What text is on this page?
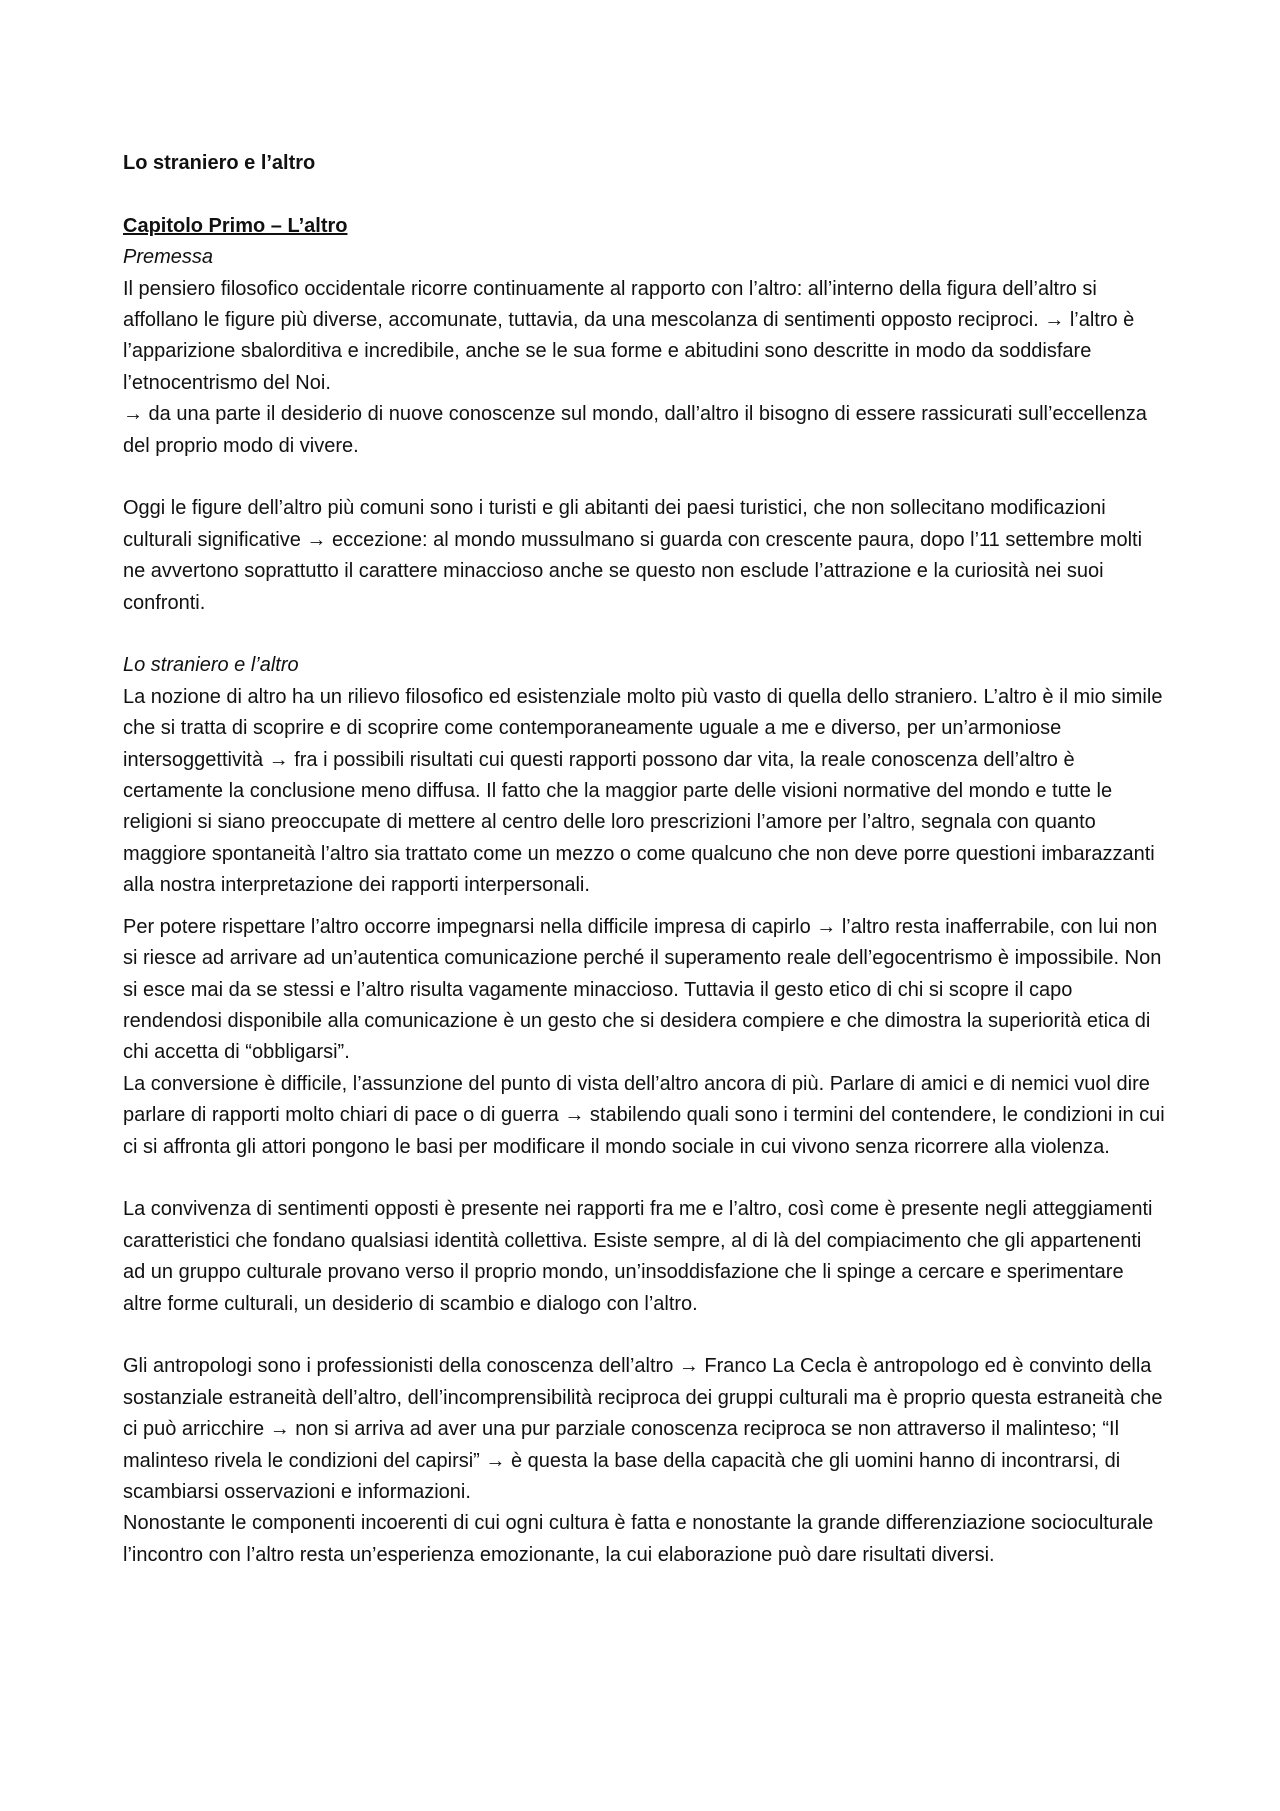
Lo straniero e l’altro

Capitolo Primo – L’altro

Premessa

Il pensiero filosofico occidentale ricorre continuamente al rapporto con l’altro: all’interno della figura dell’altro si affollano le figure più diverse, accomunate, tuttavia, da una mescolanza di sentimenti opposto reciproci. → l’altro è l’apparizione sbalorditiva e incredibile, anche se le sua forme e abitudini sono descritte in modo da soddisfare l’etnocentrismo del Noi.

→ da una parte il desiderio di nuove conoscenze sul mondo, dall’altro il bisogno di essere rassicurati sull’eccellenza del proprio modo di vivere.

Oggi le figure dell’altro più comuni sono i turisti e gli abitanti dei paesi turistici, che non sollecitano modificazioni culturali significative → eccezione: al mondo mussulmano si guarda con crescente paura, dopo l’11 settembre molti ne avvertono soprattutto il carattere minaccioso anche se questo non esclude l’attrazione e la curiosità nei suoi confronti.

Lo straniero e l’altro

La nozione di altro ha un rilievo filosofico ed esistenziale molto più vasto di quella dello straniero. L’altro è il mio simile che si tratta di scoprire e di scoprire come contemporaneamente uguale a me e diverso, per un’armoniose intersoggettività → fra i possibili risultati cui questi rapporti possono dar vita, la reale conoscenza dell’altro è certamente la conclusione meno diffusa. Il fatto che la maggior parte delle visioni normative del mondo e tutte le religioni si siano preoccupate di mettere al centro delle loro prescrizioni l’amore per l’altro, segnala con quanto maggiore spontaneità l’altro sia trattato come un mezzo o come qualcuno che non deve porre questioni imbarazzanti alla nostra interpretazione dei rapporti interpersonali.

Per potere rispettare l’altro occorre impegnarsi nella difficile impresa di capirlo → l’altro resta inafferrabile, con lui non si riesce ad arrivare ad un’autentica comunicazione perché il superamento reale dell’egocentrismo è impossibile. Non si esce mai da se stessi e l’altro risulta vagamente minaccioso. Tuttavia il gesto etico di chi si scopre il capo rendendosi disponibile alla comunicazione è un gesto che si desidera compiere e che dimostra la superiorità etica di chi accetta di “obbligarsi”.

La conversione è difficile, l’assunzione del punto di vista dell’altro ancora di più. Parlare di amici e di nemici vuol dire parlare di rapporti molto chiari di pace o di guerra → stabilendo quali sono i termini del contendere, le condizioni in cui ci si affronta gli attori pongono le basi per modificare il mondo sociale in cui vivono senza ricorrere alla violenza.

La convivenza di sentimenti opposti è presente nei rapporti fra me e l’altro, così come è presente negli atteggiamenti caratteristici che fondano qualsiasi identità collettiva. Esiste sempre, al di là del compiacimento che gli appartenenti ad un gruppo culturale provano verso il proprio mondo, un’insoddisfazione che li spinge a cercare e sperimentare altre forme culturali, un desiderio di scambio e dialogo con l’altro.

Gli antropologi sono i professionisti della conoscenza dell’altro → Franco La Cecla è antropologo ed è convinto della sostanziale estraneità dell’altro, dell’incomprensibilità reciproca dei gruppi culturali ma è proprio questa estraneità che ci può arricchire → non si arriva ad aver una pur parziale conoscenza reciproca se non attraverso il malinteso; “Il malinteso rivela le condizioni del capirsi” → è questa la base della capacità che gli uomini hanno di incontrarsi, di scambiarsi osservazioni e informazioni.

Nonostante le componenti incoerenti di cui ogni cultura è fatta e nonostante la grande differenziazione socioculturale l’incontro con l’altro resta un’esperienza emozionante, la cui elaborazione può dare risultati diversi.
